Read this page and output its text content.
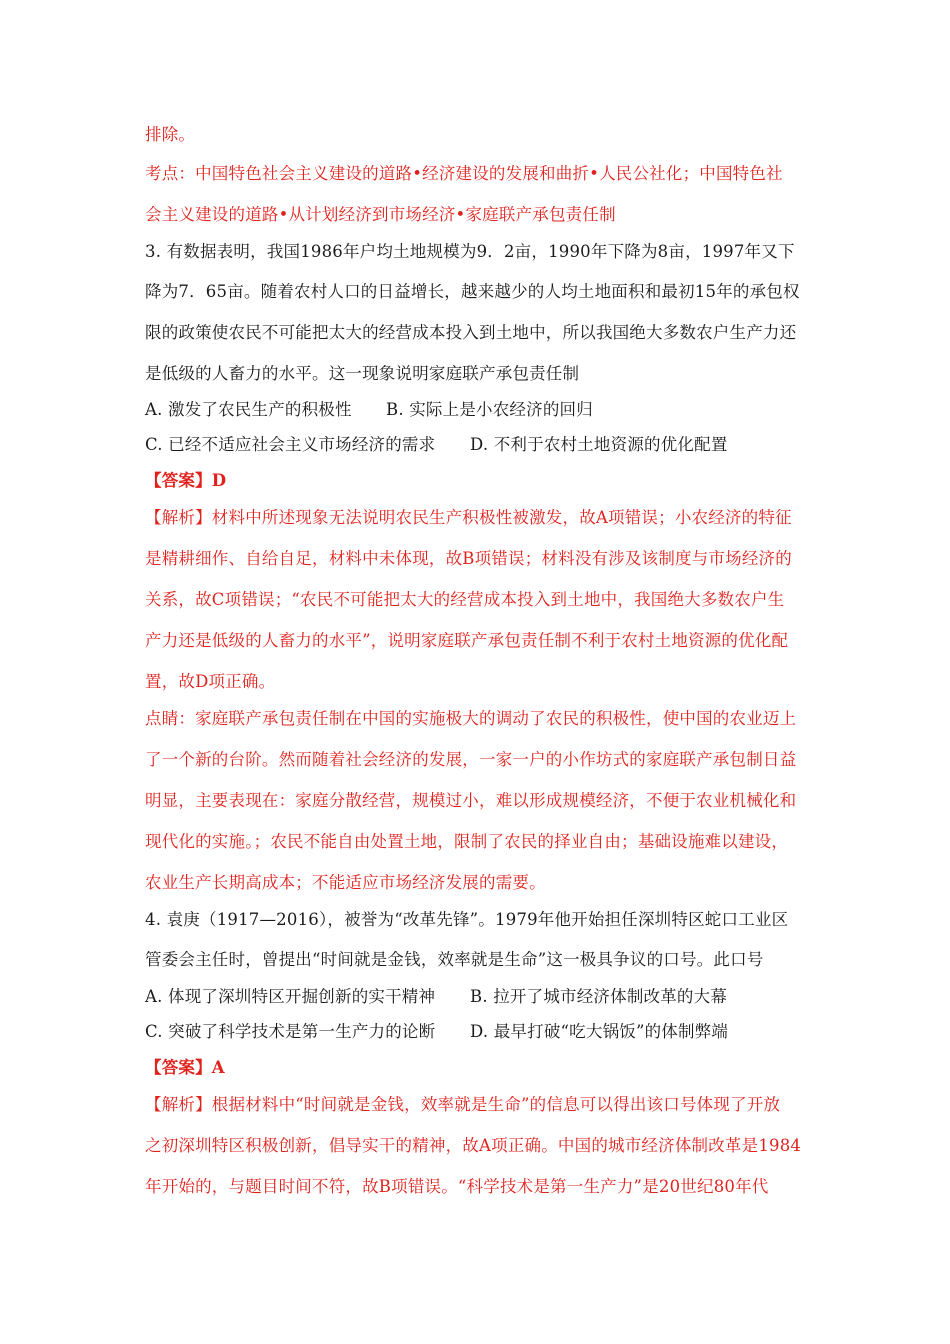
排除。
考点：中国特色社会主义建设的道路•经济建设的发展和曲折•人民公社化；中国特色社
会主义建设的道路•从计划经济到市场经济•家庭联产承包责任制
3. 有数据表明，我国1986年户均土地规模为9．2亩，1990年下降为8亩，1997年又下
降为7．65亩。随着农村人口的日益增长，越来越少的人均土地面积和最初15年的承包权
限的政策使农民不可能把太大的经营成本投入到土地中，所以我国绝大多数农户生产力还
是低级的人畜力的水平。这一现象说明家庭联产承包责任制
A. 激发了农民生产的积极性 B. 实际上是小农经济的回归
C. 已经不适应社会主义市场经济的需求 D. 不利于农村土地资源的优化配置
【答案】D
【解析】材料中所述现象无法说明农民生产积极性被激发，故A项错误；小农经济的特征
是精耕细作、自给自足，材料中未体现，故B项错误；材料没有涉及该制度与市场经济的
关系，故C项错误；“农民不可能把太大的经营成本投入到土地中，我国绝大多数农户生
产力还是低级的人畜力的水平”，说明家庭联产承包责任制不利于农村土地资源的优化配
置，故D项正确。
点睛：家庭联产承包责任制在中国的实施极大的调动了农民的积极性，使中国的农业迈上
了一个新的台阶。然而随着社会经济的发展，一家一户的小作坊式的家庭联产承包制日益
明显，主要表现在：家庭分散经营，规模过小，难以形成规模经济，不便于农业机械化和
现代化的实施。；农民不能自由处置土地，限制了农民的择业自由；基础设施难以建设，
农业生产长期高成本；不能适应市场经济发展的需要。
4. 袁庚（1917—2016），被誉为“改革先锋”。1979年他开始担任深圳特区蛇口工业区
管委会主任时，曾提出“时间就是金钱，效率就是生命”这一极具争议的口号。此口号
A. 体现了深圳特区开掘创新的实干精神 B. 拉开了城市经济体制改革的大幕
C. 突破了科学技术是第一生产力的论断 D. 最早打破“吃大锅饭”的体制弊端
【答案】A
【解析】根据材料中“时间就是金钱，效率就是生命”的信息可以得出该口号体现了开放
之初深圳特区积极创新，倡导实干的精神，故A项正确。中国的城市经济体制改革是1984
年开始的，与题目时间不符，故B项错误。“科学技术是第一生产力”是20世纪80年代
